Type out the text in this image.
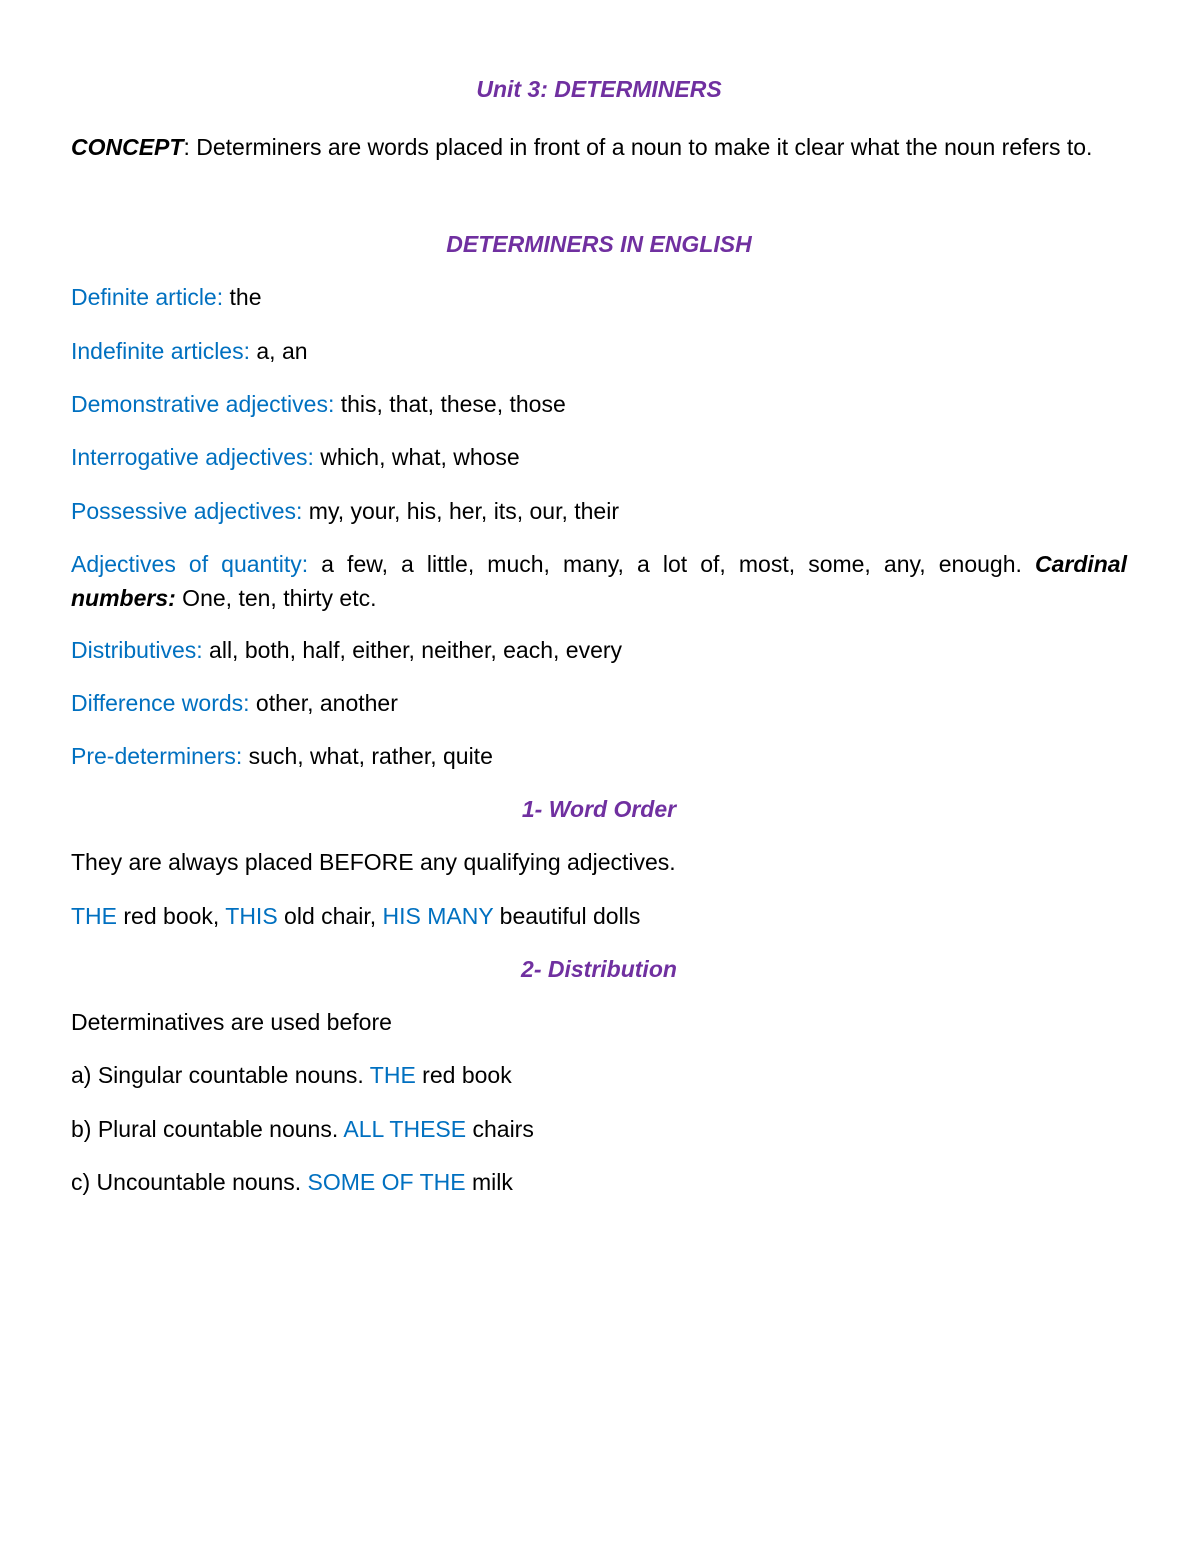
Unit 3: DETERMINERS

CONCEPT: Determiners are words placed in front of a noun to make it clear what the noun refers to.

DETERMINERS IN ENGLISH

Definite article: the

Indefinite articles: a, an

Demonstrative adjectives: this, that, these, those

Interrogative adjectives: which, what, whose

Possessive adjectives: my, your, his, her, its, our, their

Adjectives of quantity: a few, a little, much, many, a lot of, most, some, any, enough. Cardinal numbers: One, ten, thirty etc.

Distributives: all, both, half, either, neither, each, every

Difference words: other, another

Pre-determiners: such, what, rather, quite

1- Word Order

They are always placed BEFORE any qualifying adjectives.

THE red book, THIS old chair, HIS MANY beautiful dolls

2- Distribution

Determinatives are used before

a) Singular countable nouns. THE red book

b) Plural countable nouns. ALL THESE chairs

c) Uncountable nouns. SOME OF THE milk
